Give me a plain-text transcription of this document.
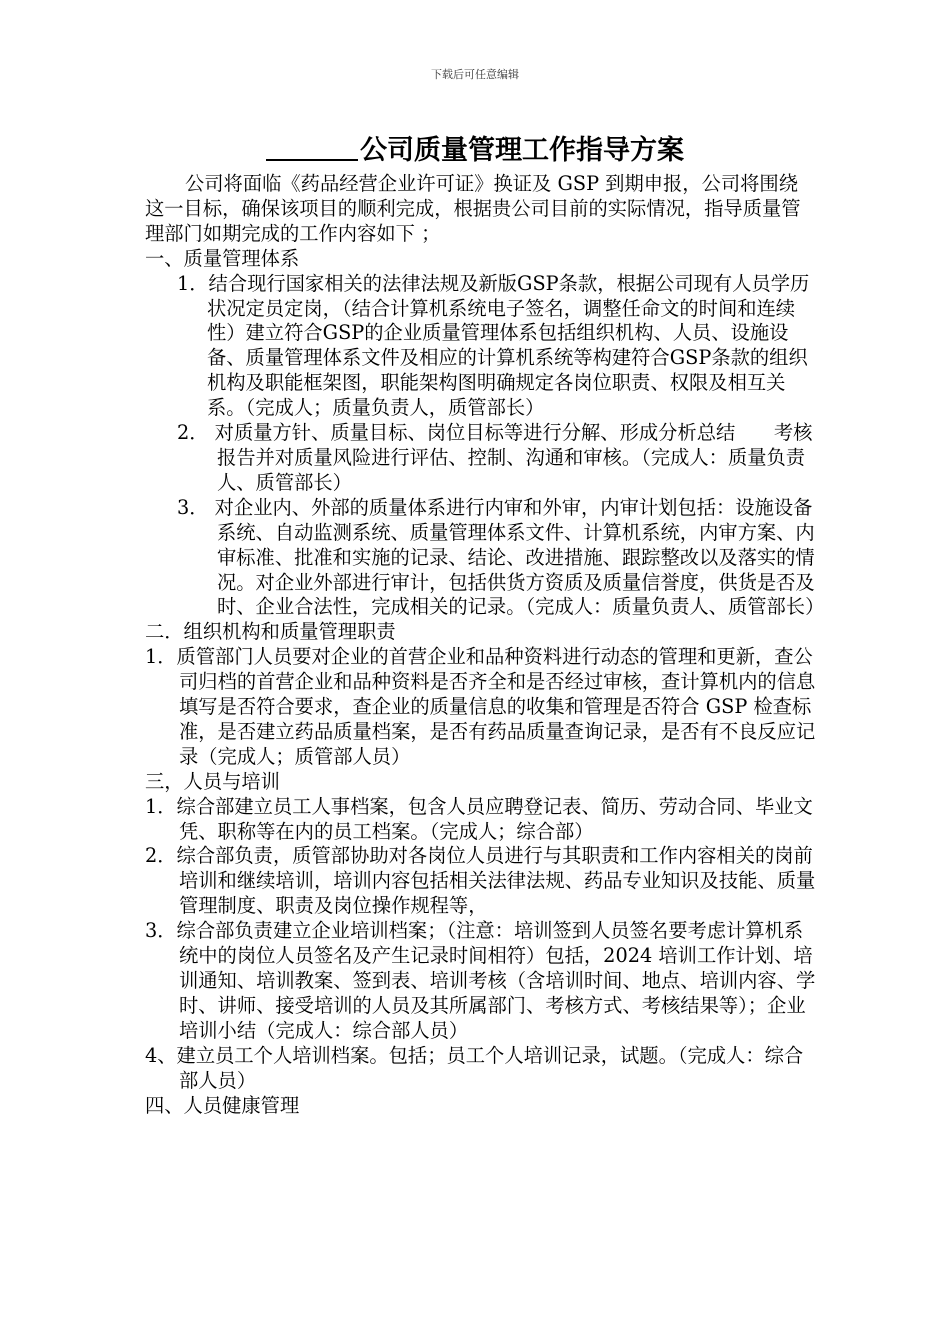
下载后可任意编辑
公司质量管理工作指导方案

公司将面临《药品经营企业许可证》换证及 GSP 到期申报，公司将围绕这一目标，确保该项目的顺利完成，根据贵公司目前的实际情况，指导质量管理部门如期完成的工作内容如下 ；

一、质量管理体系

1．结合现行国家相关的法律法规及新版GSP条款，根据公司现有人员学历状况定员定岗，（结合计算机系统电子签名，调整任命文的时间和连续性）建立符合GSP的企业质量管理体系包括组织机构、人员、设施设备、质量管理体系文件及相应的计算机系统等构建符合GSP条款的组织机构及职能框架图，职能架构图明确规定各岗位职责、权限及相互关系。（完成人；质量负责人，质管部长）

2． 对质量方针、质量目标、岗位目标等进行分解、形成分析总结　　考核报告并对质量风险进行评估、控制、沟通和审核。（完成人：质量负责人、质管部长）

3． 对企业内、外部的质量体系进行内审和外审，内审计划包括：设施设备系统、自动监测系统、质量管理体系文件、计算机系统，内审方案、内审标准、批准和实施的记录、结论、改进措施、跟踪整改以及落实的情况。对企业外部进行审计，包括供货方资质及质量信誉度，供货是否及时、企业合法性，完成相关的记录。（完成人：质量负责人、质管部长）

二．组织机构和质量管理职责

1．质管部门人员要对企业的首营企业和品种资料进行动态的管理和更新，查公司归档的首营企业和品种资料是否齐全和是否经过审核，查计算机内的信息填写是否符合要求，查企业的质量信息的收集和管理是否符合 GSP 检查标准，是否建立药品质量档案，是否有药品质量查询记录，是否有不良反应记录（完成人；质管部人员）

三，人员与培训

1．综合部建立员工人事档案，包含人员应聘登记表、简历、劳动合同、毕业文凭、职称等在内的员工档案。（完成人；综合部）

2．综合部负责，质管部协助对各岗位人员进行与其职责和工作内容相关的岗前培训和继续培训，培训内容包括相关法律法规、药品专业知识及技能、质量管理制度、职责及岗位操作规程等，

3．综合部负责建立企业培训档案；（注意：培训签到人员签名要考虑计算机系统中的岗位人员签名及产生记录时间相符）包括，2024 培训工作计划、培训通知、培训教案、签到表、培训考核（含培训时间、地点、培训内容、学时、讲师、接受培训的人员及其所属部门、考核方式、考核结果等）；企业培训小结（完成人：综合部人员）

4、建立员工个人培训档案。包括；员工个人培训记录，试题。（完成人：综合部人员）

四、人员健康管理
